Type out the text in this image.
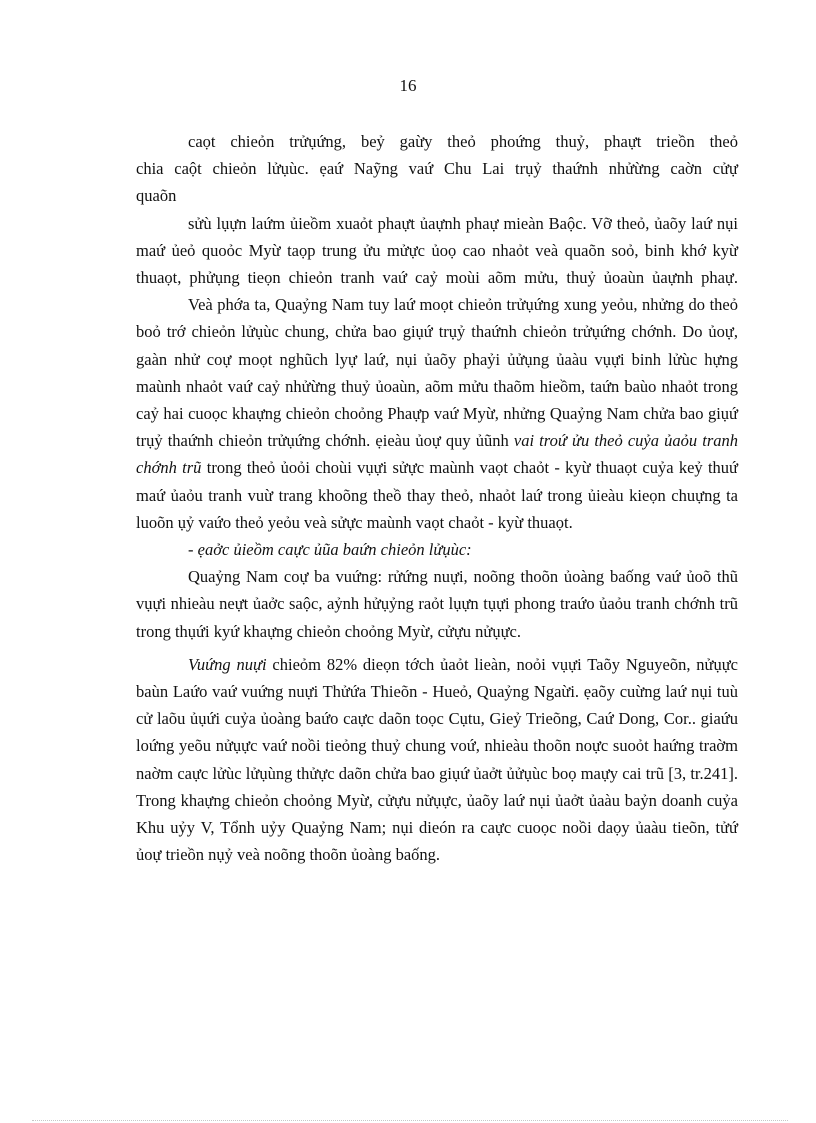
16

caọt chieỏn trửụứng, beỷ gaừy theỏ phoứng thuỷ, phaựt trieồn theỏ

chia caột chieỏn lửụùc. ẹaứ Naỹng vaứ Chu Lai trụỷ thaứnh nhửừng caờn cửự

quaõn

sửù lụựn laứm ủieồm xuaỏt phaựt ủaựnh phaự mieàn Baộc. Vỡ theỏ, ủaõy laứ nụi maứ ủeỏ quoỏc Myừ taọp trung ửu mửực ủoọ cao nhaỏt veà quaõn soỏ, binh khớ kyừ thuaọt, phửụng tieọn chieỏn tranh vaứ caỷ moùi aõm mửu, thuỷ ủoaùn ủaựnh phaự.

Veà phớa ta, Quaỷng Nam tuy laứ moọt chieỏn trửụứng xung yeỏu, nhửng do theỏ boỏ trớ chieỏn lửụùc chung, chửa bao giụứ trụỷ thaứnh chieỏn trửụứng chớnh. Do ủoự, gaàn nhử coự moọt nghũch lyự laứ, nụi ủaõy phaỷi ủửụng ủaàu vụựi binh lửùc hựng maùnh nhaỏt vaứ caỷ nhửừng thuỷ ủoaùn, aõm mửu thaõm hieồm, taứn baùo nhaỏt trong caỷ hai cuoọc khaựng chieỏn choỏng Phaựp vaứ Myừ, nhửng Quaỷng Nam chửa bao giụứ trụỷ thaứnh chieỏn trửụứng chớnh. ẹieàu ủoự quy ủũnh vai troứ ửu theỏ cuỷa ủaỏu tranh chớnh trũ trong theỏ ủoỏi choùi vụựi sửực maùnh vaọt chaỏt - kyừ thuaọt cuỷa keỷ thuứ maứ ủaỏu tranh vuừ trang khoõng theồ thay theỏ, nhaỏt laứ trong ủieàu kieọn chuựng ta luoõn ụỷ vaứo theỏ yeỏu veà sửực maùnh vaọt chaỏt - kyừ thuaọt.

- ẹaởc ủieồm caực ủũa baứn chieỏn lửụùc:

Quaỷng Nam coự ba vuứng: rửứng nuựi, noõng thoõn ủoàng baống vaứ ủoõ thũ vụựi nhieàu neựt ủaởc saộc, aỷnh hửụỷng raỏt lụựn tụựi phong traứo ủaỏu tranh chớnh trũ trong thụứi kyứ khaựng chieỏn choỏng Myừ, cửựu nửụực.

Vuứng nuựi chieỏm 82% dieọn tớch ủaỏt lieàn, noỏi vụựi Taõy Nguyeõn, nửụực baùn Laứo vaứ vuứng nuựi Thửứa Thieõn - Hueỏ, Quaỷng Ngaừi. ẹaõy cuừng laứ nụi tuù cử laõu ủụứi cuỷa ủoàng baứo caực daõn toọc Cụtu, Gieỷ Trieõng, Caứ Dong, Cor.. giaứu loứng yeõu nửụực vaứ noồi tieỏng thuỷ chung voứ, nhieàu thoõn noực suoỏt haứng traờm naờm caực lửùc lửụùng thửực daõn chửa bao giụứ ủaởt ủửụùc boọ maựy cai trũ [3, tr.241]. Trong khaựng chieỏn choỏng Myừ, cửựu nửụực, ủaõy laứ nụi ủaởt ủaàu baỷn doanh cuỷa Khu uỷy V, Tổnh uỷy Quaỷng Nam; nụi dieón ra caực cuoọc noồi daọy ủaàu tieõn, tửứ ủoự trieồn nụỷ veà noõng thoõn ủoàng baống.
